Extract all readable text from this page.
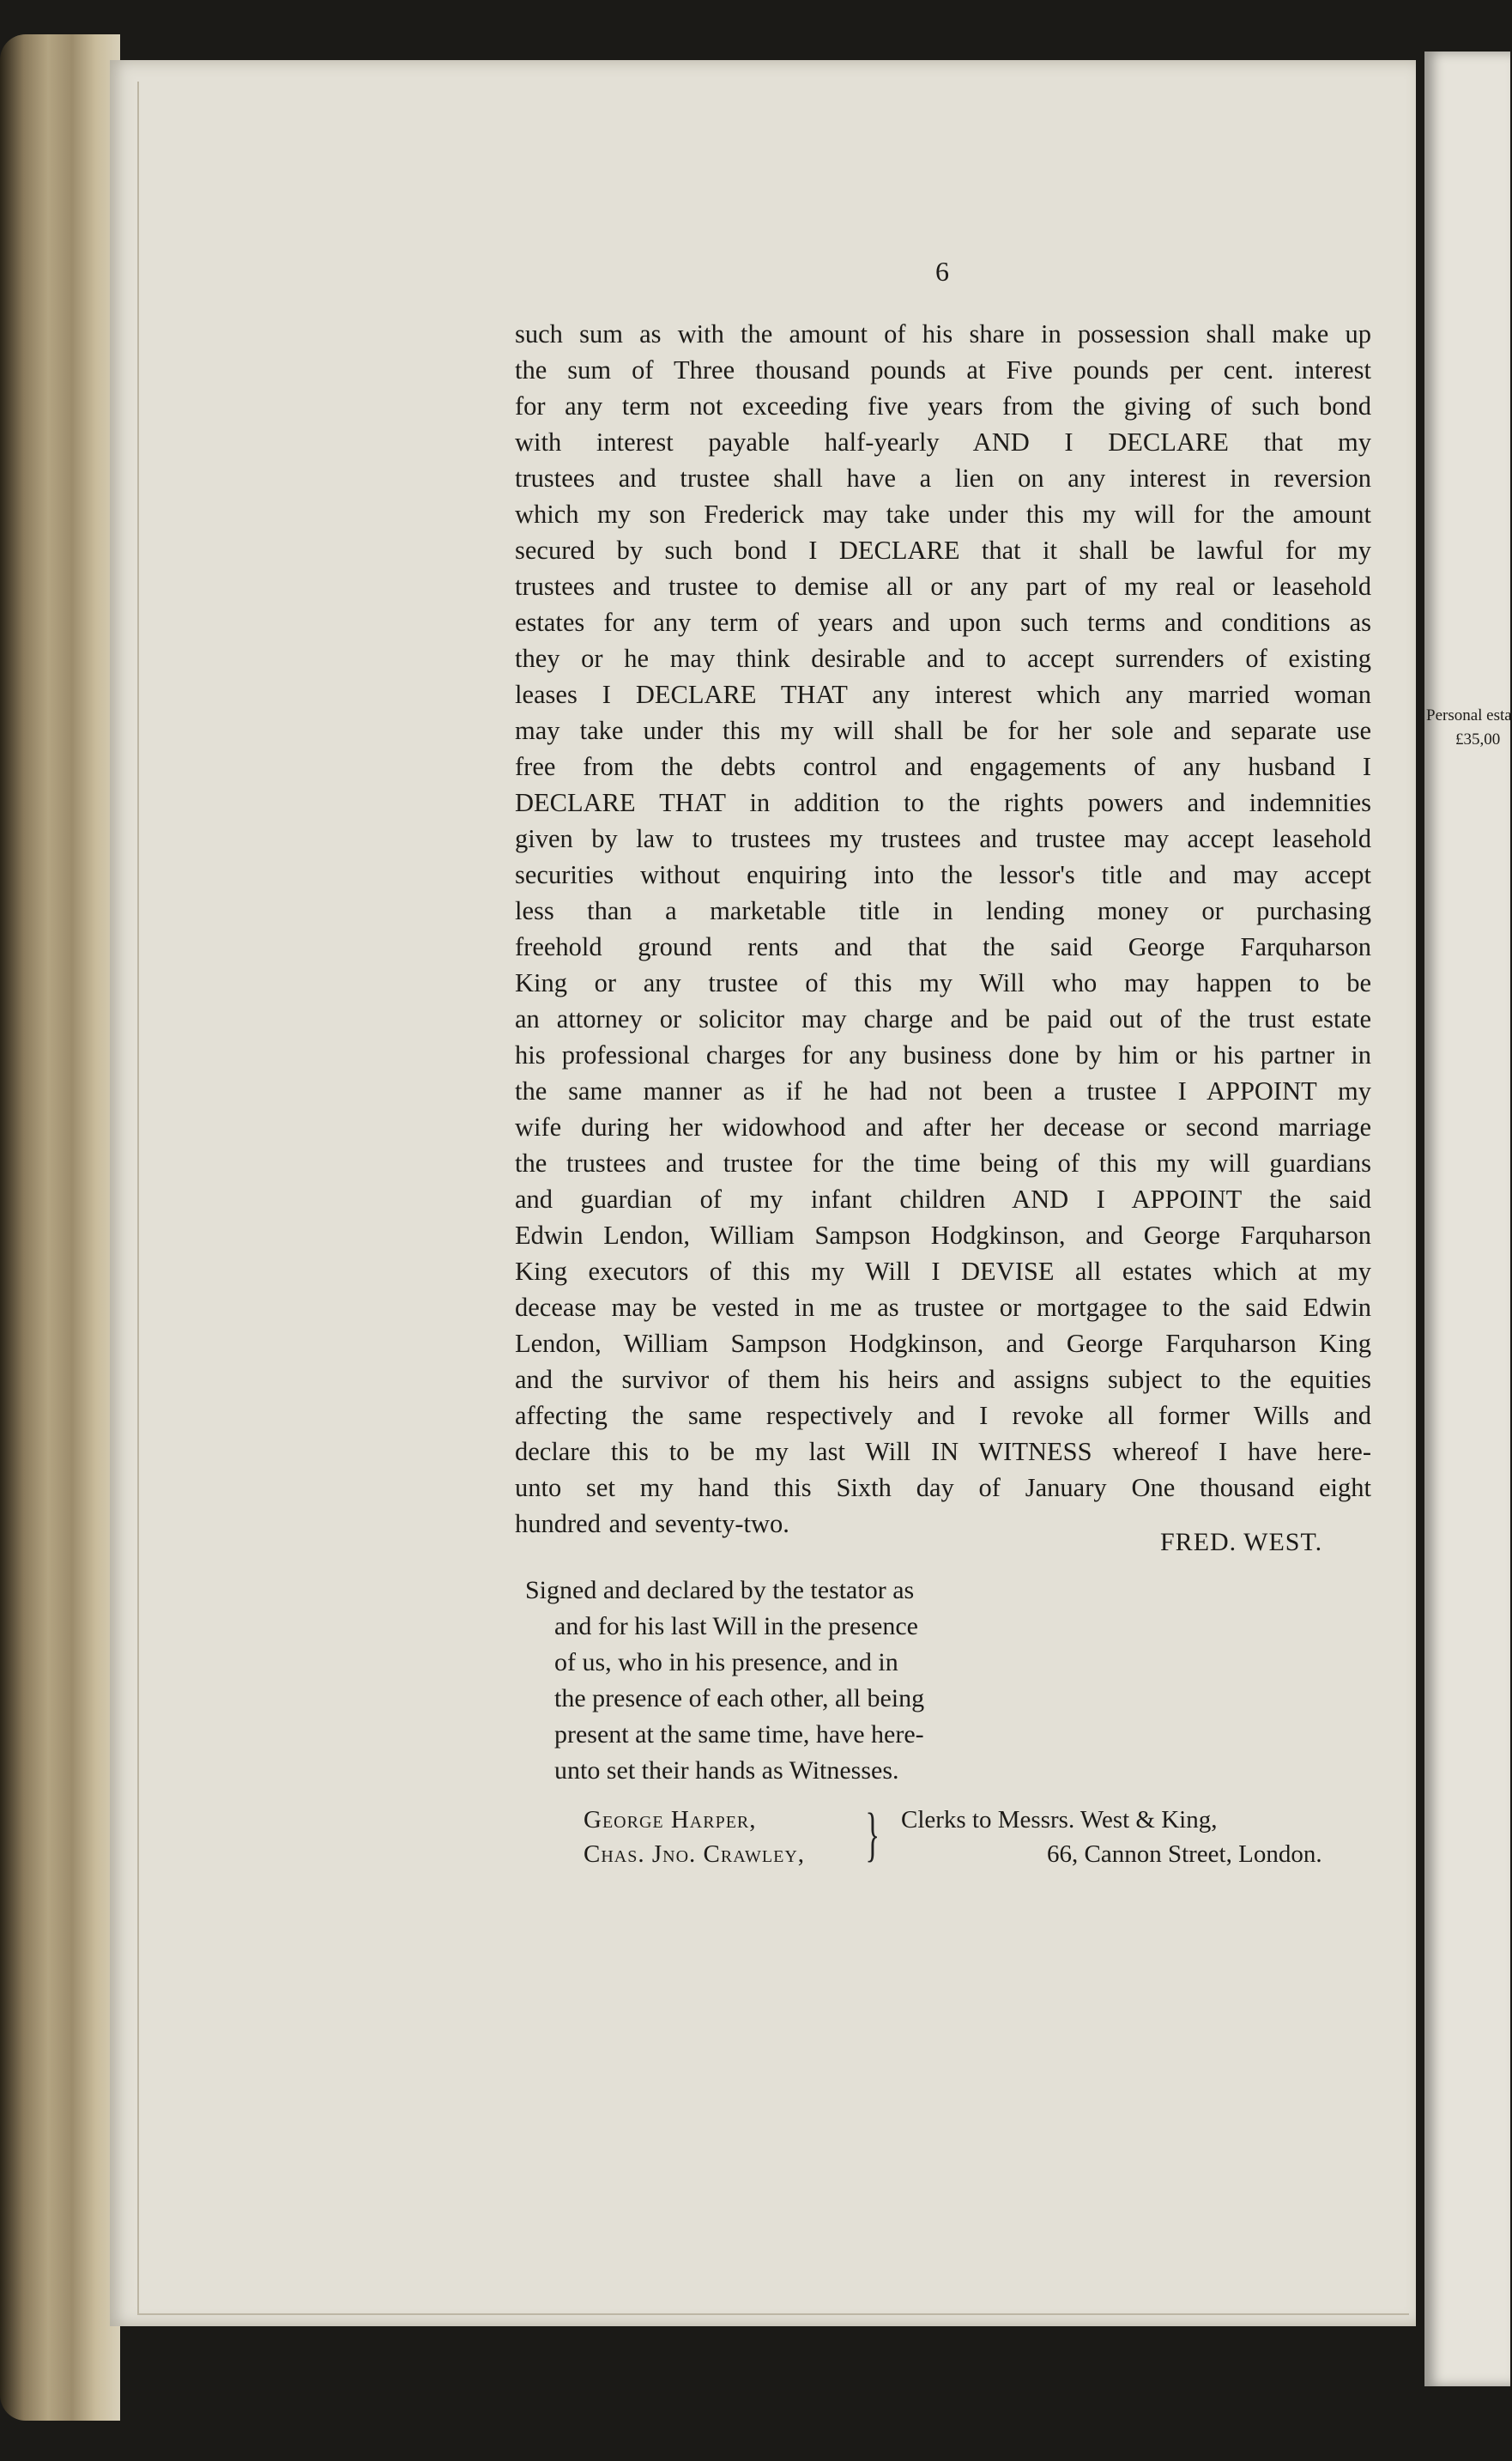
Personal esta
£35,00
6
such sum as with the amount of his share in possession shall make up
the sum of Three thousand pounds at Five pounds per cent. interest
for any term not exceeding five years from the giving of such bond
with interest payable half-yearly AND I DECLARE that my
trustees and trustee shall have a lien on any interest in reversion
which my son Frederick may take under this my will for the amount
secured by such bond I DECLARE that it shall be lawful for my
trustees and trustee to demise all or any part of my real or leasehold
estates for any term of years and upon such terms and conditions as
they or he may think desirable and to accept surrenders of existing
leases I DECLARE THAT any interest which any married woman
may take under this my will shall be for her sole and separate use
free from the debts control and engagements of any husband I
DECLARE THAT in addition to the rights powers and indemnities
given by law to trustees my trustees and trustee may accept leasehold
securities without enquiring into the lessor's title and may accept
less than a marketable title in lending money or purchasing
freehold ground rents and that the said George Farquharson
King or any trustee of this my Will who may happen to be
an attorney or solicitor may charge and be paid out of the trust estate
his professional charges for any business done by him or his partner in
the same manner as if he had not been a trustee I APPOINT my
wife during her widowhood and after her decease or second marriage
the trustees and trustee for the time being of this my will guardians
and guardian of my infant children AND I APPOINT the said
Edwin Lendon, William Sampson Hodgkinson, and George Farquharson
King executors of this my Will I DEVISE all estates which at my
decease may be vested in me as trustee or mortgagee to the said Edwin
Lendon, William Sampson Hodgkinson, and George Farquharson King
and the survivor of them his heirs and assigns subject to the equities
affecting the same respectively and I revoke all former Wills and
declare this to be my last Will IN WITNESS whereof I have here-
unto set my hand this Sixth day of January One thousand eight
hundred and seventy-two.
FRED. WEST.
Signed and declared by the testator as
and for his last Will in the presence
of us, who in his presence, and in
the presence of each other, all being
present at the same time, have here-
unto set their hands as Witnesses.
George Harper,
Chas. Jno. Crawley, } Clerks to Messrs. West & King,
66, Cannon Street, London.
